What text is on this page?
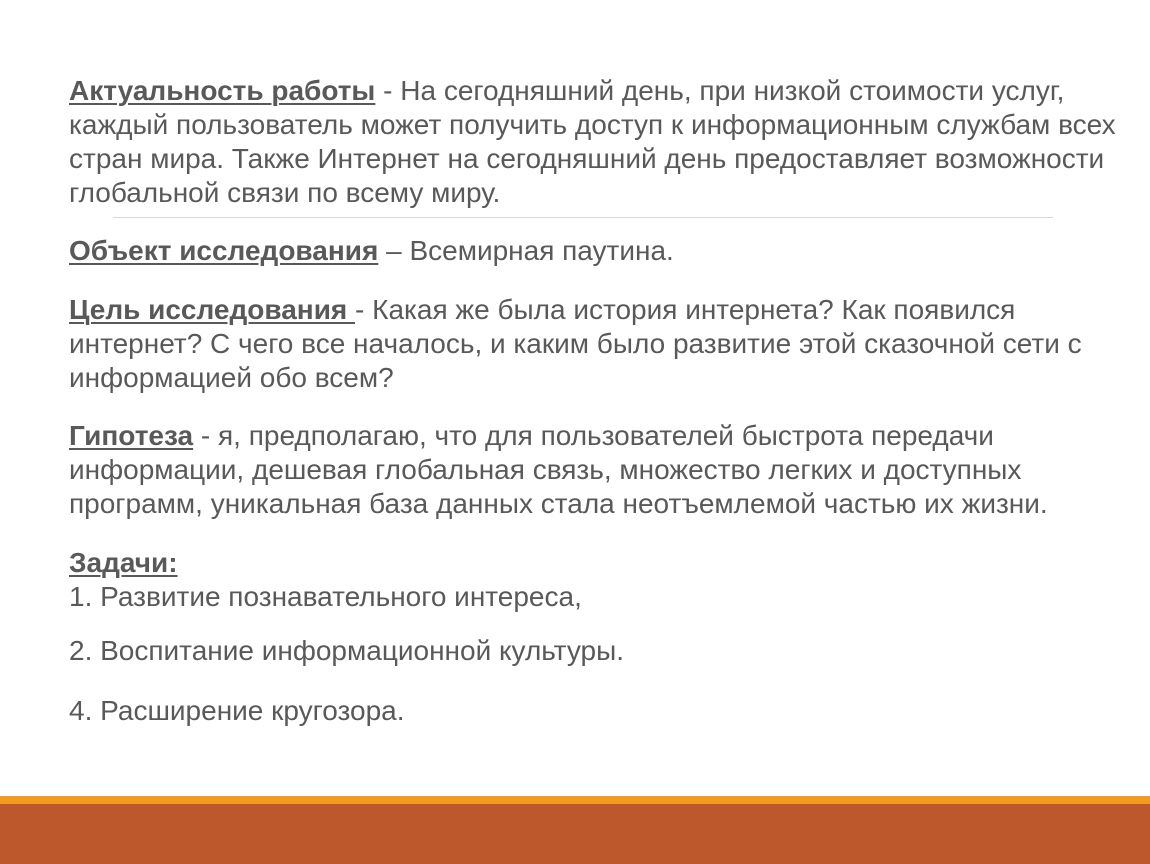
Актуальность работы - На сегодняшний день, при низкой стоимости услуг, каждый пользователь может получить доступ к информационным службам всех стран мира. Также Интернет на сегодняшний день предоставляет возможности глобальной связи по всему миру.

Объект исследования – Всемирная паутина.

Цель исследования - Какая же была история интернета? Как появился интернет? С чего все началось, и каким было развитие этой сказочной сети с информацией обо всем?

Гипотеза - я, предполагаю, что для пользователей быстрота передачи информации, дешевая глобальная связь, множество легких и доступных программ, уникальная база данных стала неотъемлемой частью их жизни.

Задачи:

1. Развитие познавательного интереса,

2. Воспитание информационной культуры.

4. Расширение кругозора.
